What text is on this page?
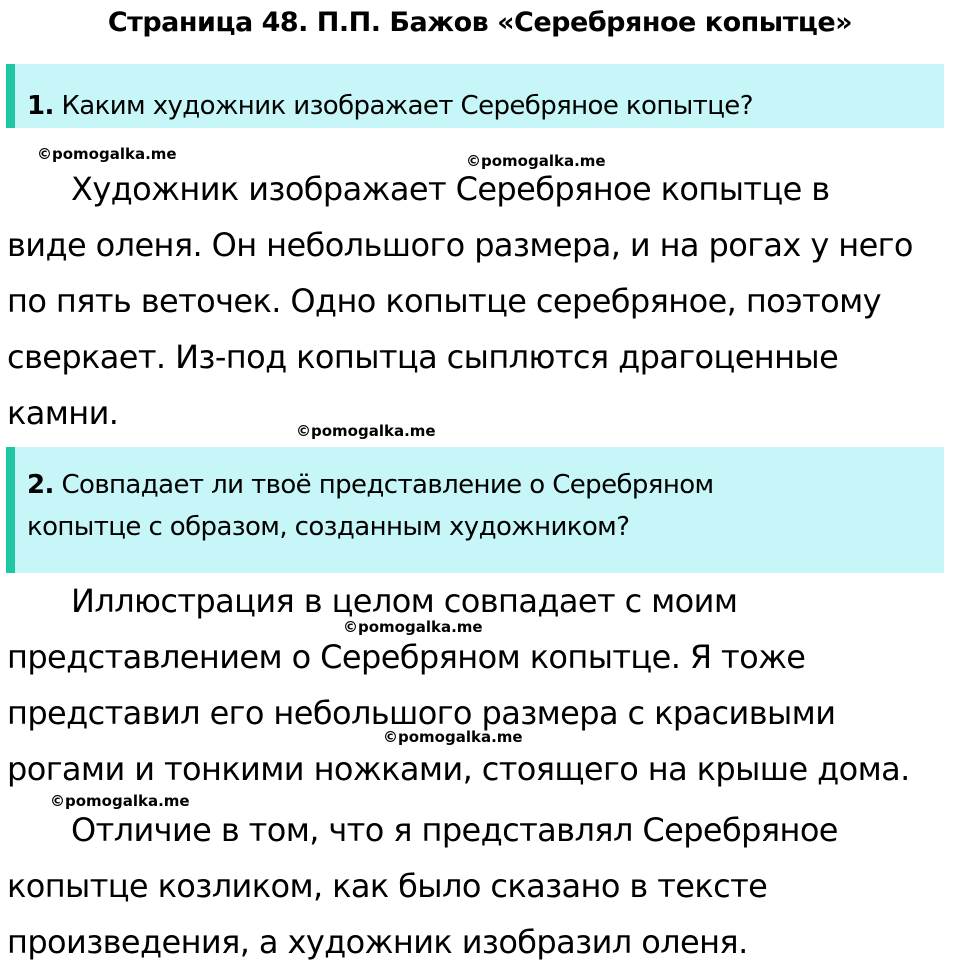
Страница 48. П.П. Бажов «Серебряное копытце»
1. Каким художник изображает Серебряное копытце?
©pomogalka.me	©pomogalka.me
Художник изображает Серебряное копытце в
виде оленя. Он небольшого размера, и на рогах у него
по пять веточек. Одно копытце серебряное, поэтому
сверкает. Из-под копытца сыплются драгоценные
камни.	©pomogalka.me
2. Совпадает ли твоё представление о Серебряном
копытце с образом, созданным художником?
Иллюстрация в целом совпадает с моим
представлением о Серебряном копытце. Я тоже
представил его небольшого размера с красивыми
рогами и тонкими ножками, стоящего на крыше дома.
©pomogalka.me
©pomogalka.me
©pomogalka.me
Отличие в том, что я представлял Серебряное
копытце козликом, как было сказано в тексте
произведения, а художник изобразил оленя.
